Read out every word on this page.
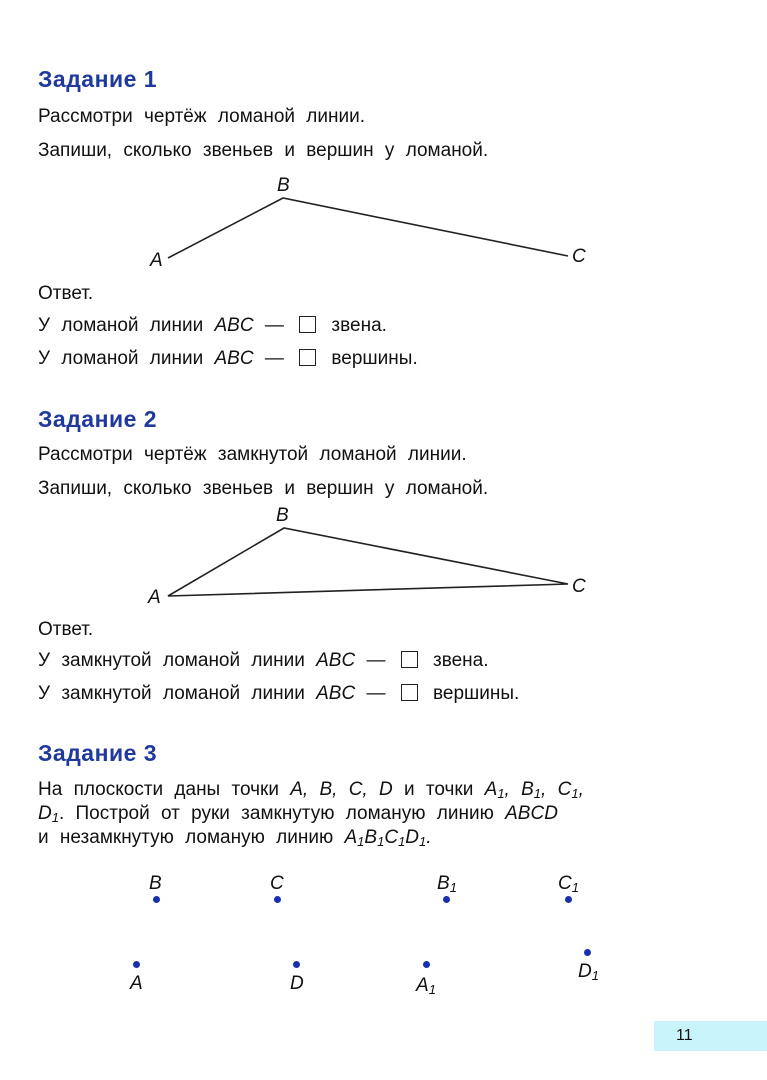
Задание 1
Рассмотри чертёж ломаной линии.
Запиши, сколько звеньев и вершин у ломаной.
B
A	C
Ответ.
У ломаной линии ABC —	звена.
У ломаной линии ABC —	вершины.
Задание 2
Рассмотри чертёж замкнутой ломаной линии.
Запиши, сколько звеньев и вершин у ломаной.
B
A
C
Ответ.
У замкнутой ломаной линии ABC —	звена.
У замкнутой ломаной линии ABC —	вершины.
Задание 3
На плоскости даны точки A, B, C, D и точки $A_1$, $B_1$, $C_1$,
$D_1$. Построй от руки замкнутую ломаную линию ABCD
и незамкнутую ломаную линию $A_1B_1C_1D_1$.
B	C	$B_1$	$C_1$
A	D	$A_1$
$D_1$
11
